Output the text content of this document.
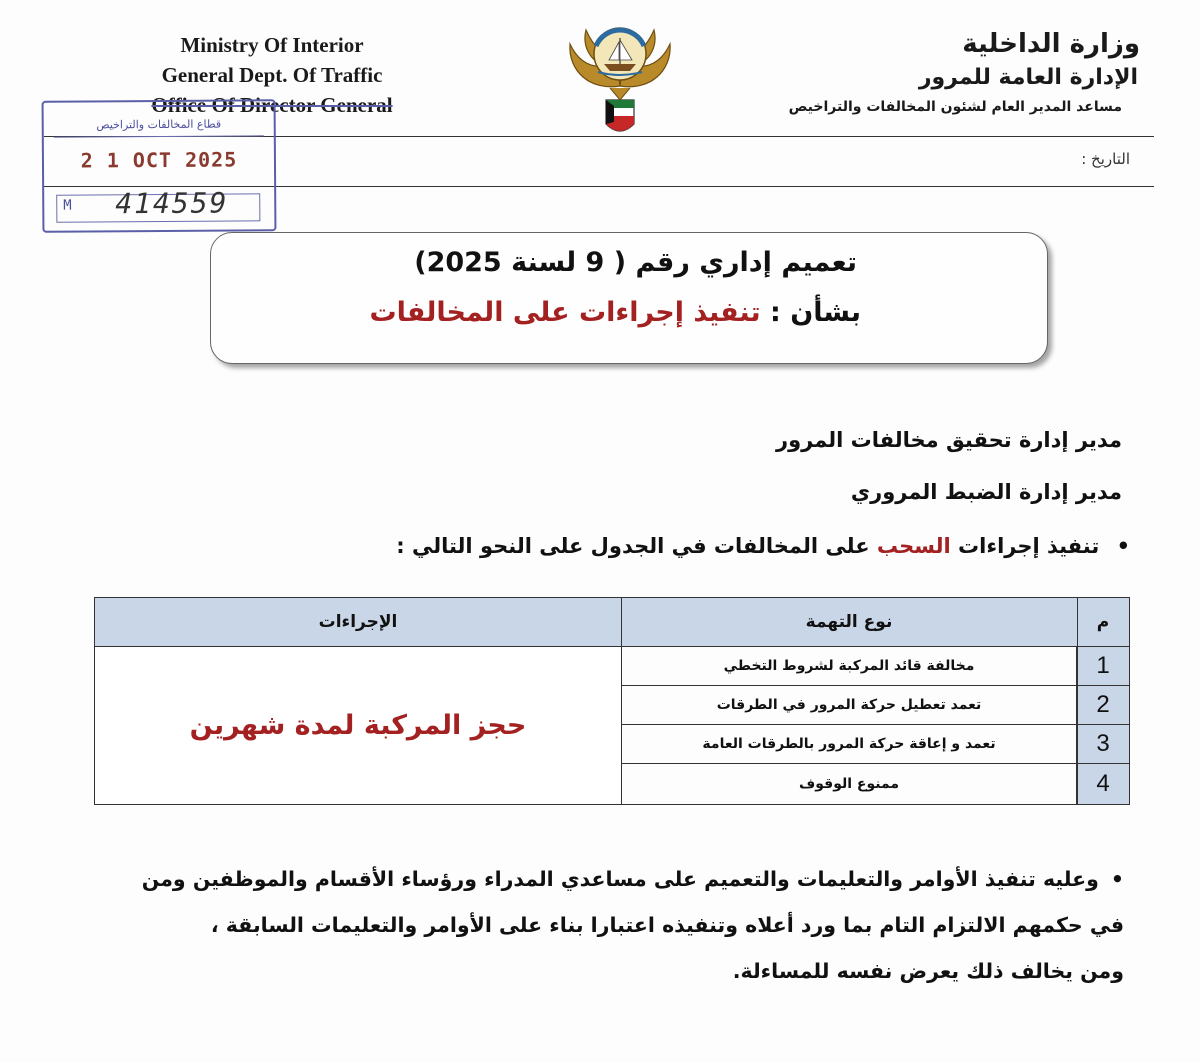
Ministry Of Interior
General Dept. Of Traffic
Office Of Director General
وزارة الداخلية
الإدارة العامة للمرور
مساعد المدير العام لشئون المخالفات والتراخيص
التاريخ :
قطاع المخالفات والتراخيص
2 1 OCT 2025
M 414559
تعميم إداري رقم ( 9 لسنة 2025)
بشأن : تنفيذ إجراءات على المخالفات
مدير إدارة تحقيق مخالفات المرور
مدير إدارة الضبط المروري
• تنفيذ إجراءات السحب على المخالفات في الجدول على النحو التالي :
م
نوع التهمة
الإجراءات
1
مخالفة قائد المركبة لشروط التخطي
2
تعمد تعطيل حركة المرور في الطرقات
3
تعمد و إعاقة حركة المرور بالطرقات العامة
4
ممنوع الوقوف
حجز المركبة لمدة شهرين
•وعليه تنفيذ الأوامر والتعليمات والتعميم على مساعدي المدراء ورؤساء الأقسام والموظفين ومن
في حكمهم الالتزام التام بما ورد أعلاه وتنفيذه اعتبارا بناء على الأوامر والتعليمات السابقة ،
ومن يخالف ذلك يعرض نفسه للمساءلة.
